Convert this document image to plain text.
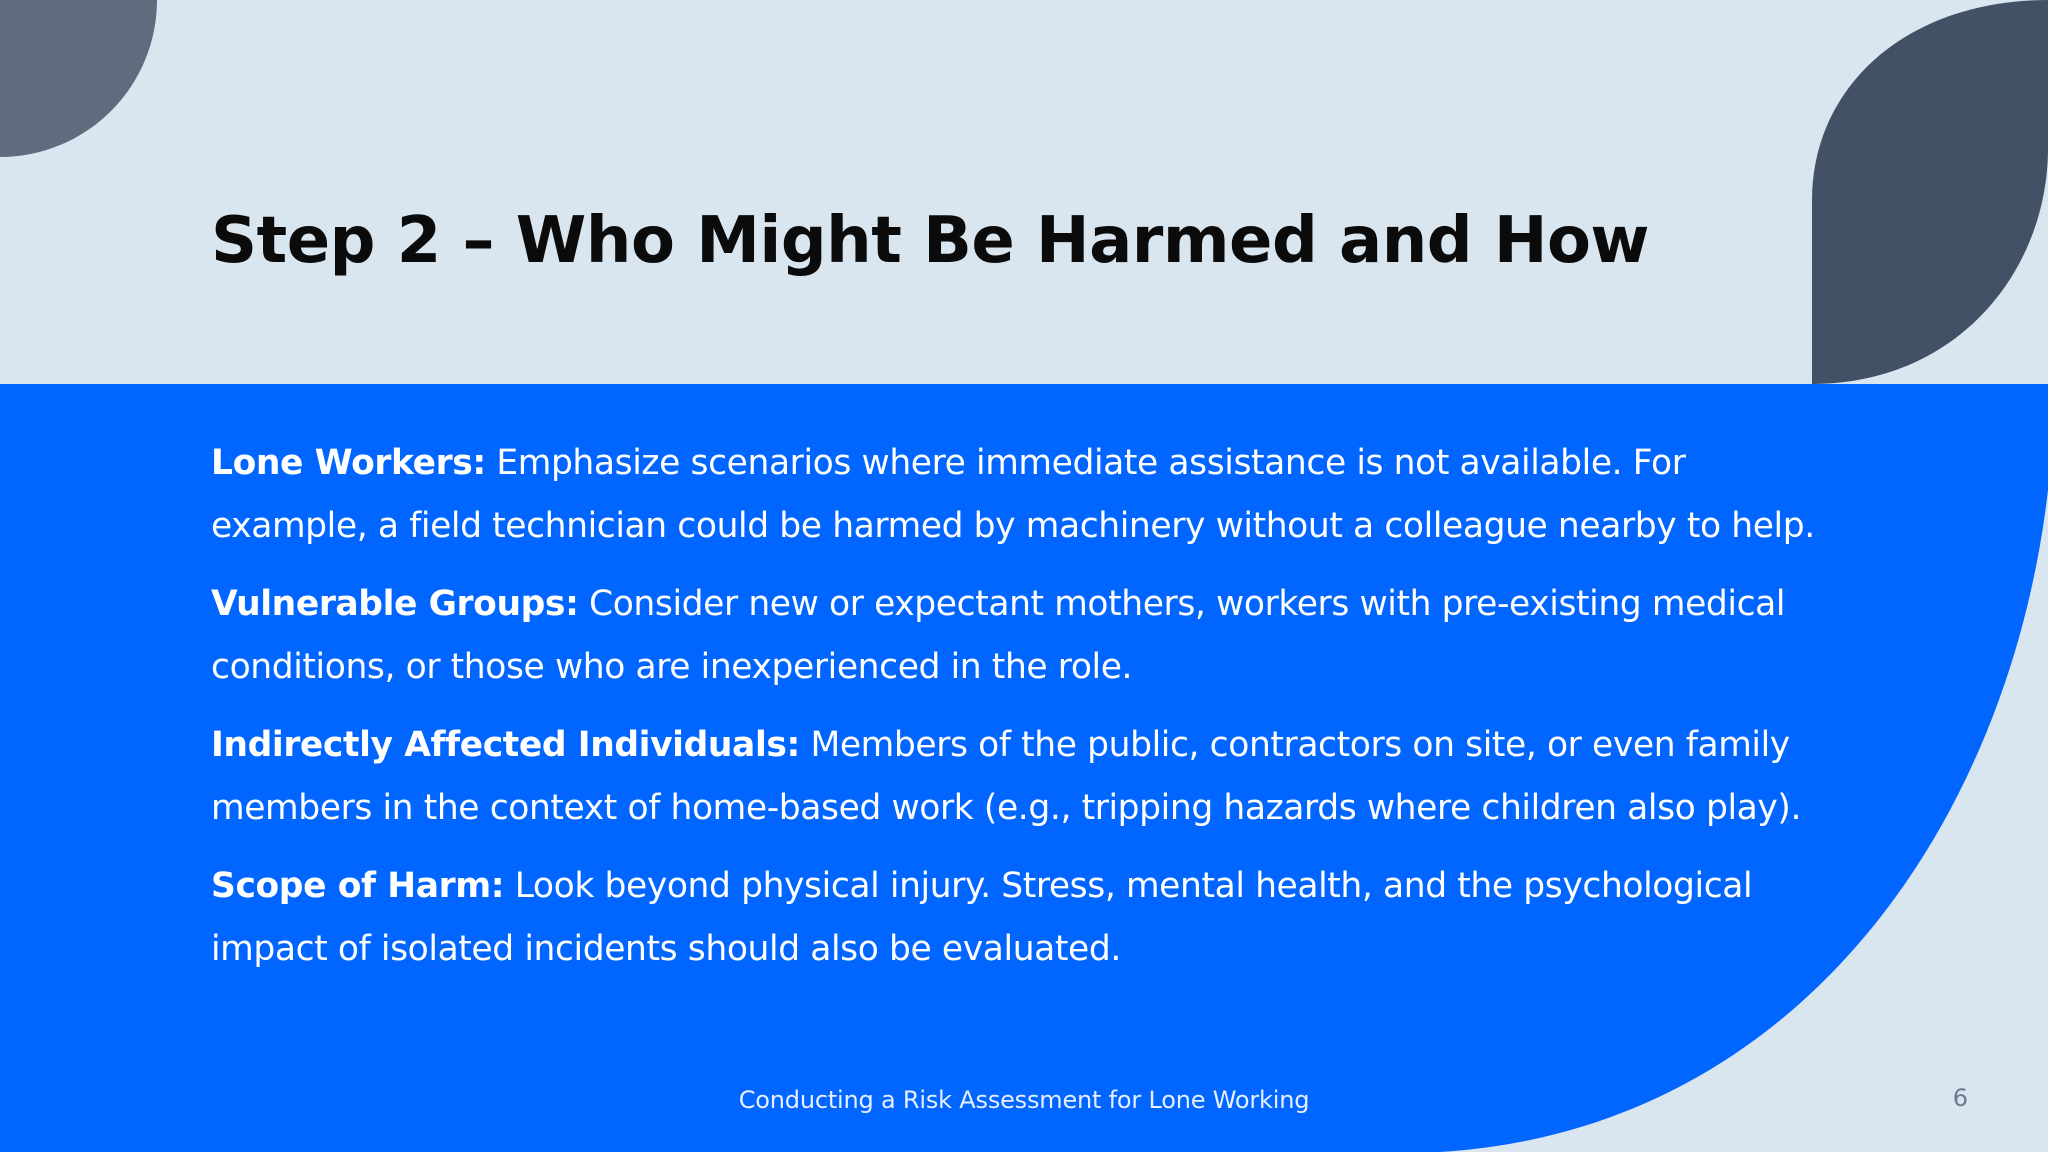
Step 2 – Who Might Be Harmed and How

Lone Workers: Emphasize scenarios where immediate assistance is not available. For example, a field technician could be harmed by machinery without a colleague nearby to help.

Vulnerable Groups: Consider new or expectant mothers, workers with pre-existing medical conditions, or those who are inexperienced in the role.

Indirectly Affected Individuals: Members of the public, contractors on site, or even family members in the context of home-based work (e.g., tripping hazards where children also play).

Scope of Harm: Look beyond physical injury. Stress, mental health, and the psychological impact of isolated incidents should also be evaluated.

Conducting a Risk Assessment for Lone Working	6
